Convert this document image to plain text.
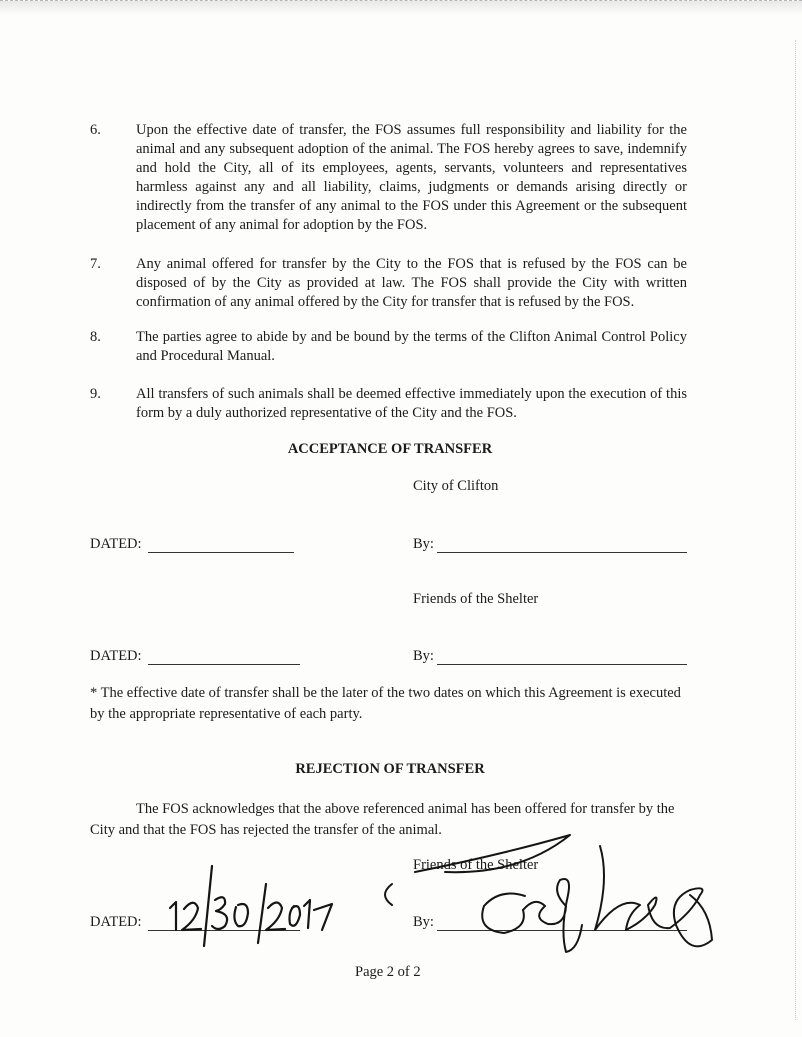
6. Upon the effective date of transfer, the FOS assumes full responsibility and liability for the animal and any subsequent adoption of the animal. The FOS hereby agrees to save, indemnify and hold the City, all of its employees, agents, servants, volunteers and representatives harmless against any and all liability, claims, judgments or demands arising directly or indirectly from the transfer of any animal to the FOS under this Agreement or the subsequent placement of any animal for adoption by the FOS.
7. Any animal offered for transfer by the City to the FOS that is refused by the FOS can be disposed of by the City as provided at law. The FOS shall provide the City with written confirmation of any animal offered by the City for transfer that is refused by the FOS.
8. The parties agree to abide by and be bound by the terms of the Clifton Animal Control Policy and Procedural Manual.
9. All transfers of such animals shall be deemed effective immediately upon the execution of this form by a duly authorized representative of the City and the FOS.
ACCEPTANCE OF TRANSFER
City of Clifton
DATED:	By:
Friends of the Shelter
DATED:	By:
* The effective date of transfer shall be the later of the two dates on which this Agreement is executed by the appropriate representative of each party.
REJECTION OF TRANSFER
The FOS acknowledges that the above referenced animal has been offered for transfer by the City and that the FOS has rejected the transfer of the animal.
Friends of the Shelter
DATED:	By:
Page 2 of 2
